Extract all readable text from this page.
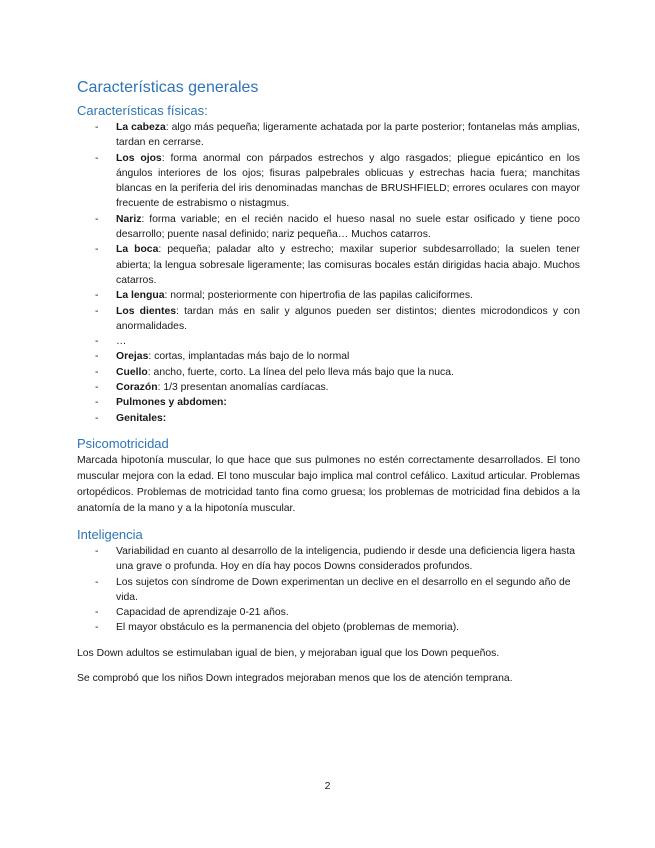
Características generales
Características físicas:
- La cabeza: algo más pequeña; ligeramente achatada por la parte posterior; fontanelas más amplias, tardan en cerrarse.
- Los ojos: forma anormal con párpados estrechos y algo rasgados; pliegue epicántico en los ángulos interiores de los ojos; fisuras palpebrales oblicuas y estrechas hacia fuera; manchitas blancas en la periferia del iris denominadas manchas de BRUSHFIELD; errores oculares con mayor frecuente de estrabismo o nistagmus.
- Nariz: forma variable; en el recién nacido el hueso nasal no suele estar osificado y tiene poco desarrollo; puente nasal definido; nariz pequeña… Muchos catarros.
- La boca: pequeña; paladar alto y estrecho; maxilar superior subdesarrollado; la suelen tener abierta; la lengua sobresale ligeramente; las comisuras bocales están dirigidas hacia abajo. Muchos catarros.
- La lengua: normal; posteriormente con hipertrofia de las papilas caliciformes.
- Los dientes: tardan más en salir y algunos pueden ser distintos; dientes microdondicos y con anormalidades.
- …
- Orejas: cortas, implantadas más bajo de lo normal
- Cuello: ancho, fuerte, corto. La línea del pelo lleva más bajo que la nuca.
- Corazón: 1/3 presentan anomalías cardíacas.
- Pulmones y abdomen:
- Genitales:
Psicomotricidad

Marcada hipotonía muscular, lo que hace que sus pulmones no estén correctamente desarrollados. El tono muscular mejora con la edad. El tono muscular bajo implica mal control cefálico. Laxitud articular. Problemas ortopédicos. Problemas de motricidad tanto fina como gruesa; los problemas de motricidad fina debidos a la anatomía de la mano y a la hipotonía muscular.

Inteligencia
- Variabilidad en cuanto al desarrollo de la inteligencia, pudiendo ir desde una deficiencia ligera hasta una grave o profunda. Hoy en día hay pocos Downs considerados profundos.
- Los sujetos con síndrome de Down experimentan un declive en el desarrollo en el segundo año de vida.
- Capacidad de aprendizaje 0-21 años.
- El mayor obstáculo es la permanencia del objeto (problemas de memoria).

Los Down adultos se estimulaban igual de bien, y mejoraban igual que los Down pequeños.

Se comprobó que los niños Down integrados mejoraban menos que los de atención temprana.

2
